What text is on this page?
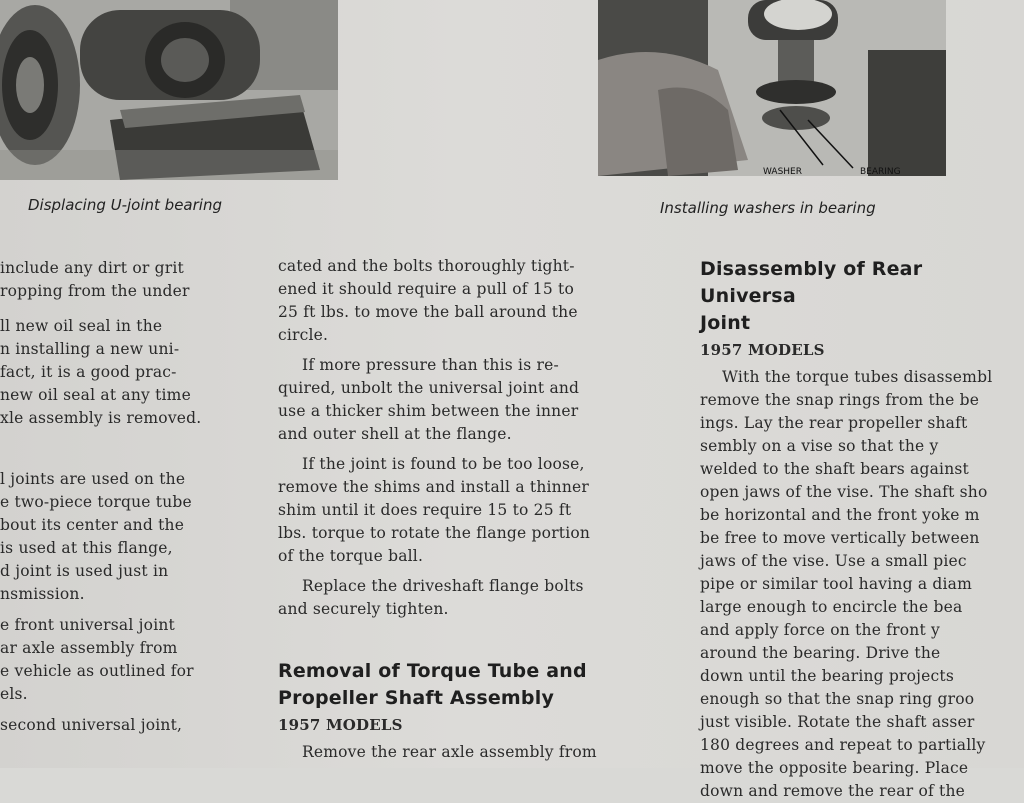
Displacing U-joint bearing
WASHER	BEARING
Installing washers in bearing
include any dirt or grit
ropping from the under
ll new oil seal in the
n installing a new uni-
fact, it is a good prac-
new oil seal at any time
xle assembly is removed.
l joints are used on the
e two-piece torque tube
bout its center and the
is used at this flange,
d joint is used just in
nsmission.
e front universal joint
ar axle assembly from
e vehicle as outlined for
els.
second universal joint,

cated and the bolts thoroughly tight-
ened it should require a pull of 15 to
25 ft lbs. to move the ball around the
circle.

If more pressure than this is re-
quired, unbolt the universal joint and
use a thicker shim between the inner
and outer shell at the flange.

If the joint is found to be too loose,
remove the shims and install a thinner
shim until it does require 15 to 25 ft
lbs. torque to rotate the flange portion
of the torque ball.

Replace the driveshaft flange bolts
and securely tighten.

Removal of Torque Tube and
Propeller Shaft Assembly
1957 MODELS
Remove the rear axle assembly from
Disassembly of Rear Universa
Joint
1957 MODELS
With the torque tubes disassembl
remove the snap rings from the be
ings. Lay the rear propeller shaft
sembly on a vise so that the y
welded to the shaft bears against
open jaws of the vise. The shaft sho
be horizontal and the front yoke m
be free to move vertically between
jaws of the vise. Use a small piec
pipe or similar tool having a diam
large enough to encircle the bea
and apply force on the front y
around the bearing. Drive the
down until the bearing projects
enough so that the snap ring groo
just visible. Rotate the shaft asser
180 degrees and repeat to partially
move the opposite bearing. Place
down and remove the rear of the
